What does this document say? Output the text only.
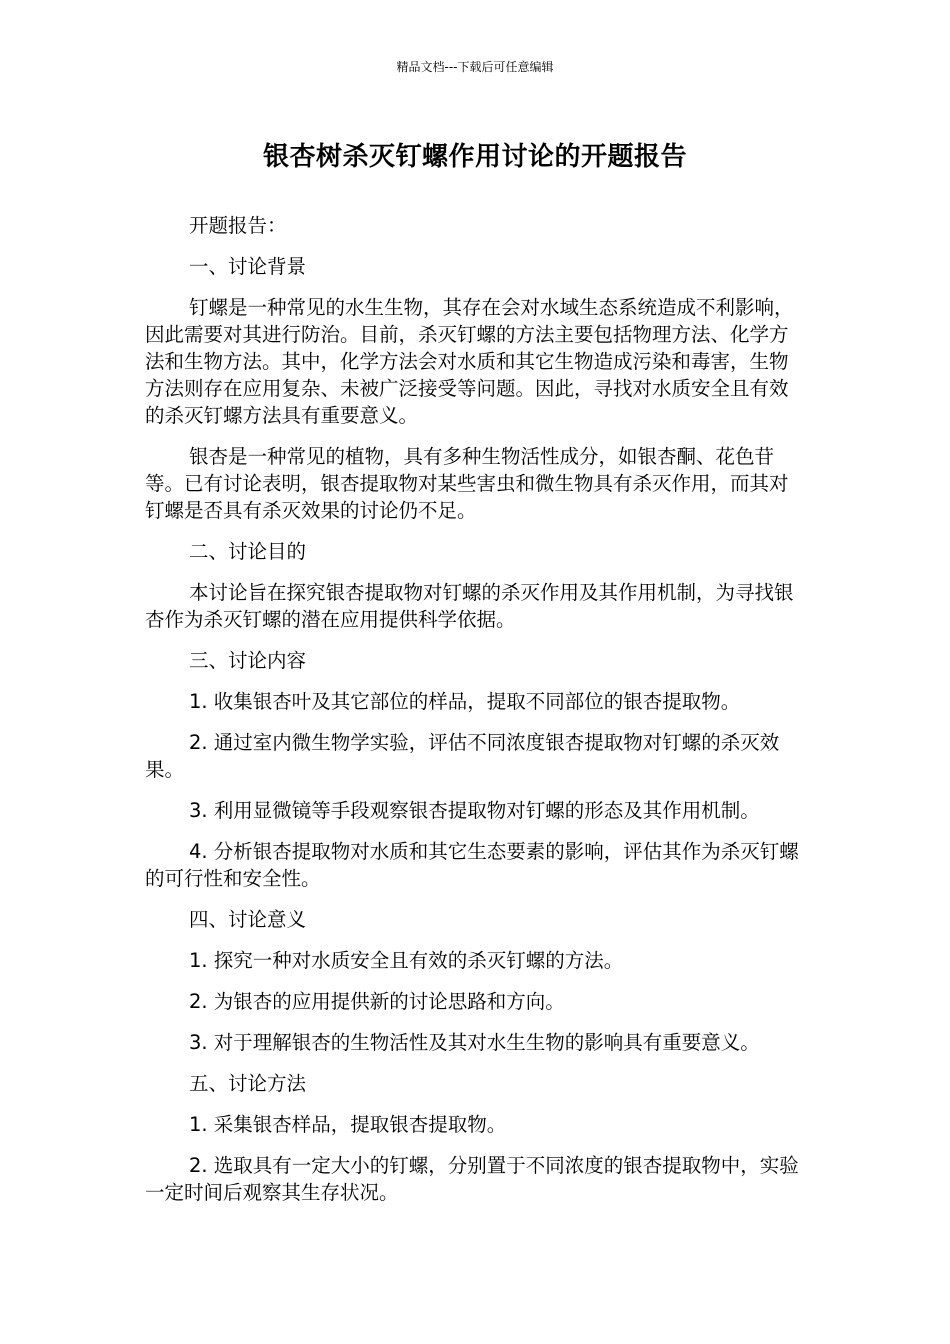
精品文档---下载后可任意编辑
银杏树杀灭钉螺作用讨论的开题报告

开题报告：

一、讨论背景

钉螺是一种常见的水生生物，其存在会对水域生态系统造成不利影响，因此需要对其进行防治。目前，杀灭钉螺的方法主要包括物理方法、化学方法和生物方法。其中，化学方法会对水质和其它生物造成污染和毒害，生物方法则存在应用复杂、未被广泛接受等问题。因此，寻找对水质安全且有效的杀灭钉螺方法具有重要意义。

银杏是一种常见的植物，具有多种生物活性成分，如银杏酮、花色苷等。已有讨论表明，银杏提取物对某些害虫和微生物具有杀灭作用，而其对钉螺是否具有杀灭效果的讨论仍不足。

二、讨论目的

本讨论旨在探究银杏提取物对钉螺的杀灭作用及其作用机制，为寻找银杏作为杀灭钉螺的潜在应用提供科学依据。

三、讨论内容

1. 收集银杏叶及其它部位的样品，提取不同部位的银杏提取物。

2. 通过室内微生物学实验，评估不同浓度银杏提取物对钉螺的杀灭效果。

3. 利用显微镜等手段观察银杏提取物对钉螺的形态及其作用机制。

4. 分析银杏提取物对水质和其它生态要素的影响，评估其作为杀灭钉螺的可行性和安全性。

四、讨论意义

1. 探究一种对水质安全且有效的杀灭钉螺的方法。

2. 为银杏的应用提供新的讨论思路和方向。

3. 对于理解银杏的生物活性及其对水生生物的影响具有重要意义。

五、讨论方法

1. 采集银杏样品，提取银杏提取物。

2. 选取具有一定大小的钉螺，分别置于不同浓度的银杏提取物中，实验一定时间后观察其生存状况。
